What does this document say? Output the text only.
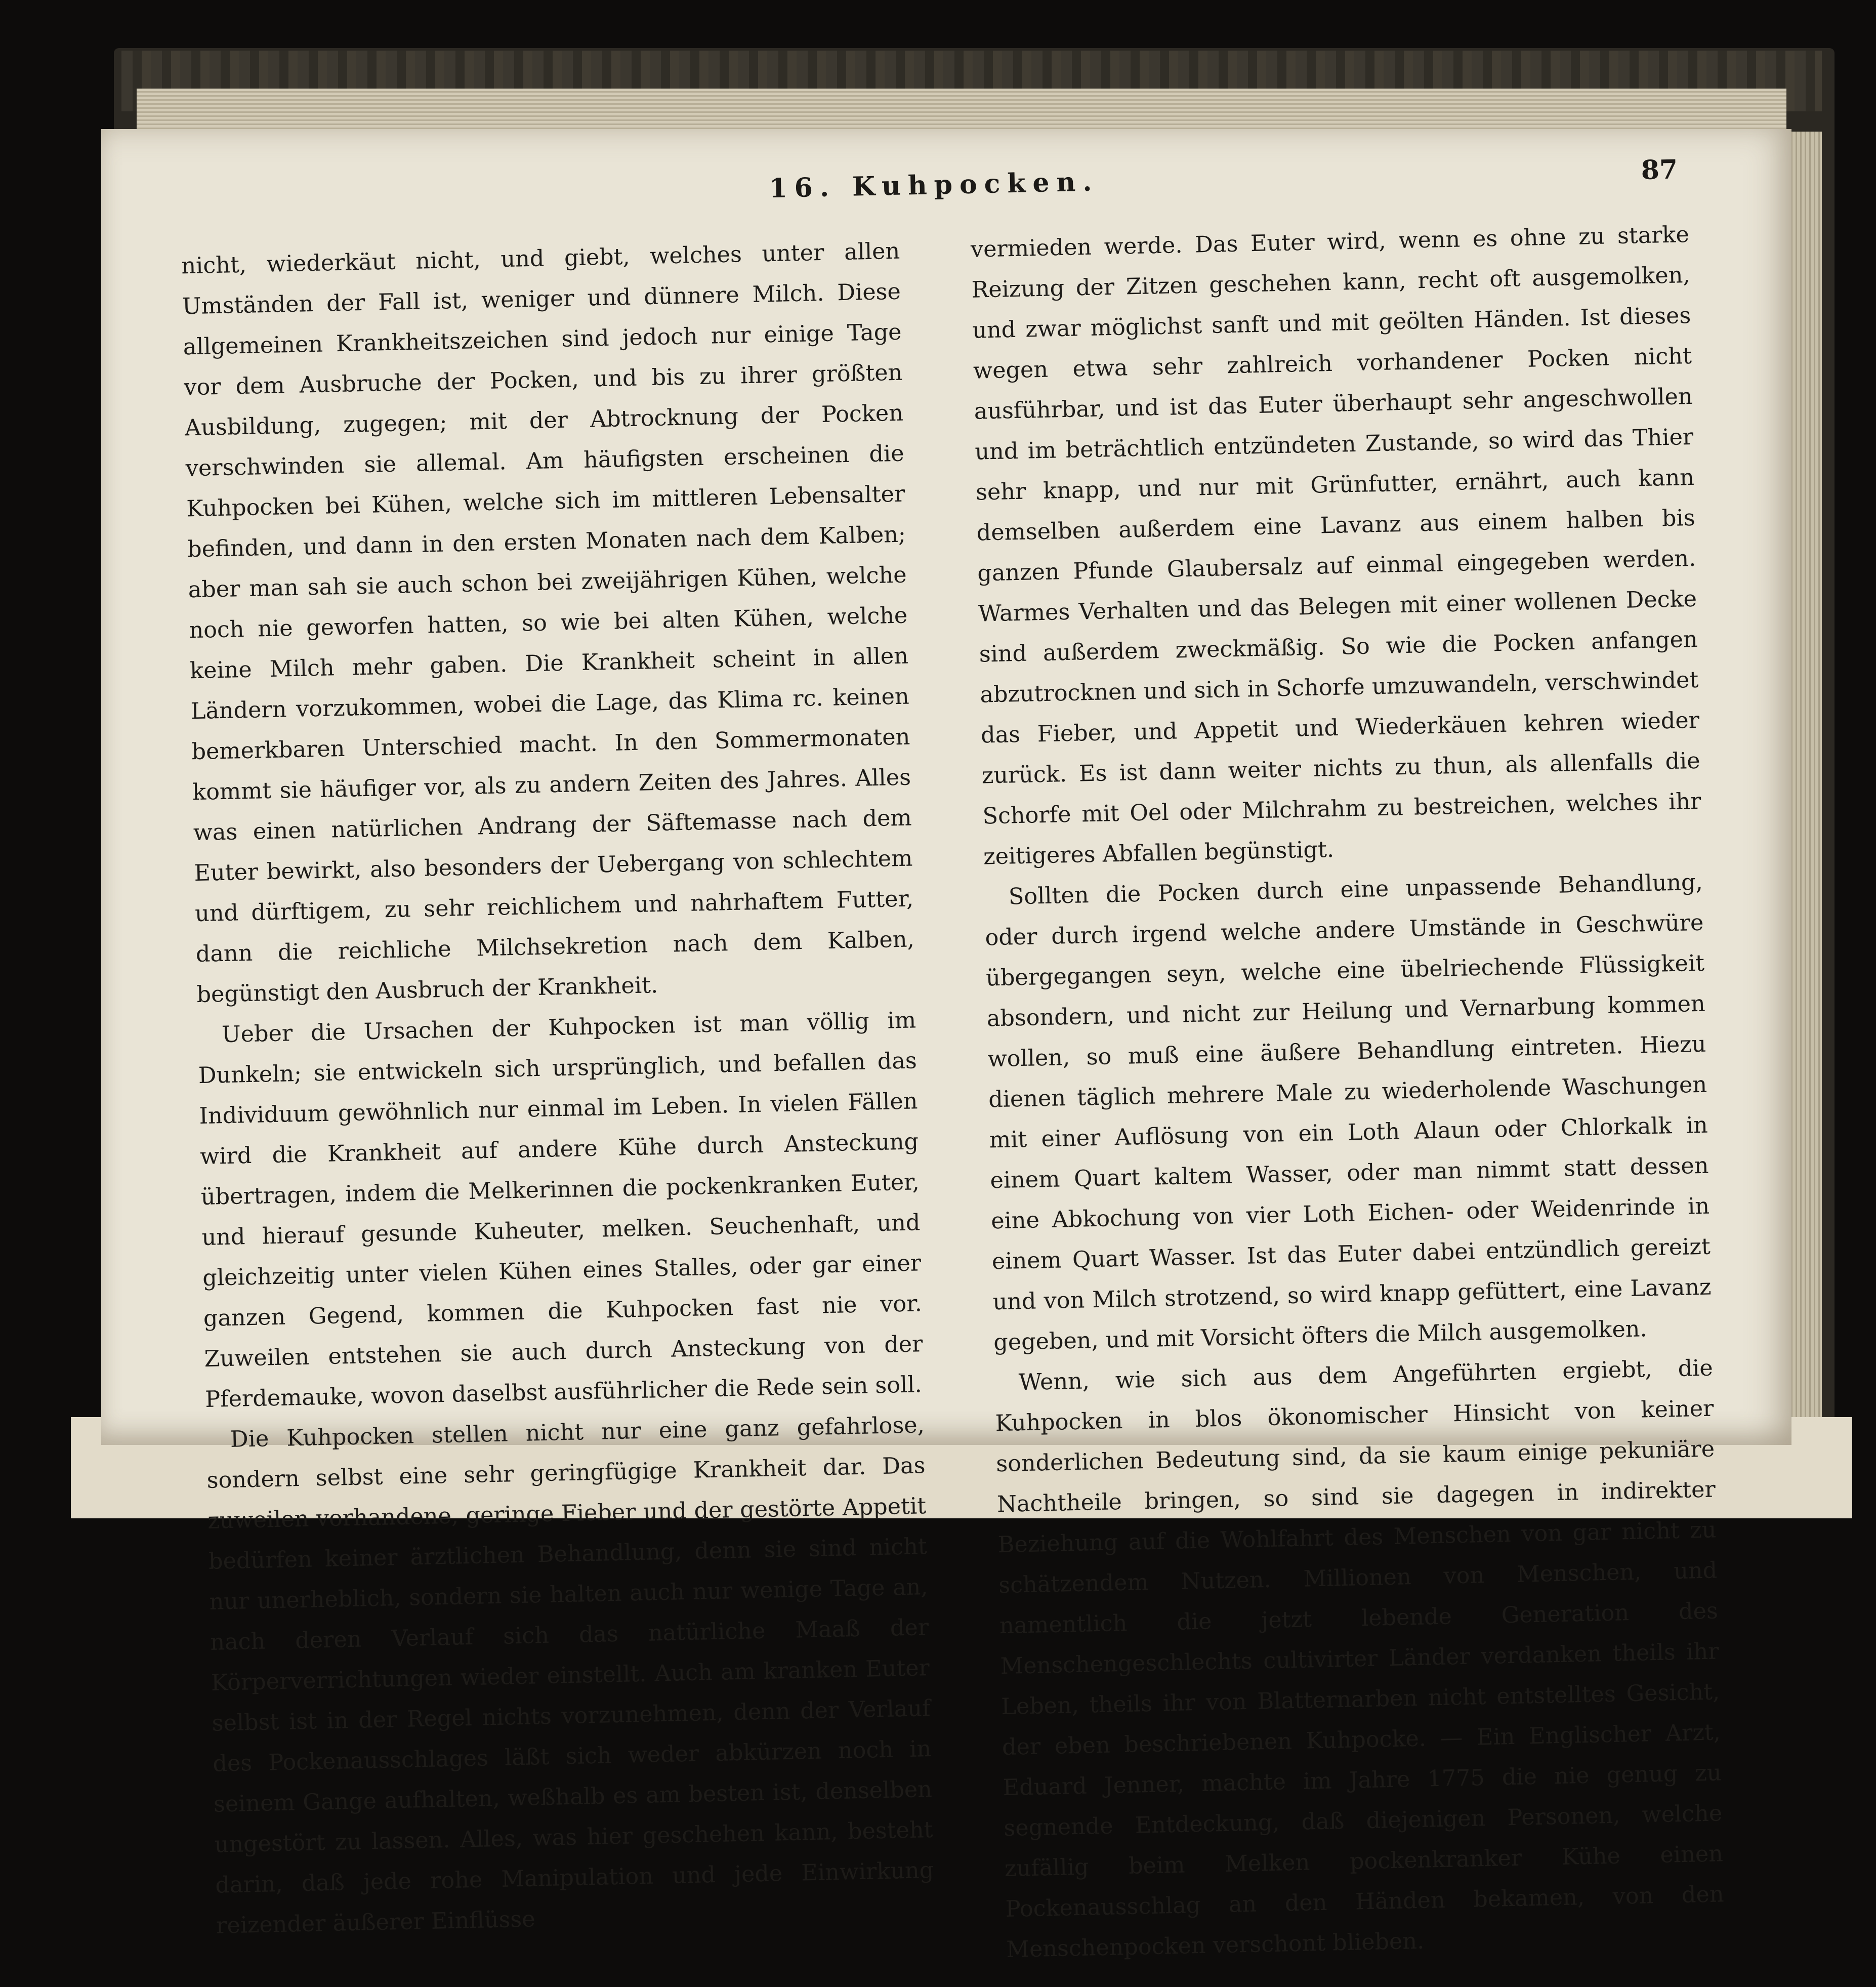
16. Kuhpocken.	87

nicht, wiederkäut nicht, und giebt, welches unter allen Umständen der Fall ist, weniger und dünnere Milch. Diese allgemeinen Krankheitszeichen sind jedoch nur einige Tage vor dem Ausbruche der Pocken, und bis zu ihrer größten Ausbildung, zugegen; mit der Abtrocknung der Pocken verschwinden sie allemal. Am häufigsten erscheinen die Kuhpocken bei Kühen, welche sich im mittleren Lebensalter befinden, und dann in den ersten Monaten nach dem Kalben; aber man sah sie auch schon bei zweijährigen Kühen, welche noch nie geworfen hatten, so wie bei alten Kühen, welche keine Milch mehr gaben. Die Krankheit scheint in allen Ländern vorzukommen, wobei die Lage, das Klima rc. keinen bemerkbaren Unterschied macht. In den Sommermonaten kommt sie häufiger vor, als zu andern Zeiten des Jahres. Alles was einen natürlichen Andrang der Säftemasse nach dem Euter bewirkt, also besonders der Uebergang von schlechtem und dürftigem, zu sehr reichlichem und nahrhaftem Futter, dann die reichliche Milchsekretion nach dem Kalben, begünstigt den Ausbruch der Krankheit.

Ueber die Ursachen der Kuhpocken ist man völlig im Dunkeln; sie entwickeln sich ursprünglich, und befallen das Individuum gewöhnlich nur einmal im Leben. In vielen Fällen wird die Krankheit auf andere Kühe durch Ansteckung übertragen, indem die Melkerinnen die pockenkranken Euter, und hierauf gesunde Kuheuter, melken. Seuchenhaft, und gleichzeitig unter vielen Kühen eines Stalles, oder gar einer ganzen Gegend, kommen die Kuhpocken fast nie vor. Zuweilen entstehen sie auch durch Ansteckung von der Pferdemauke, wovon daselbst ausführlicher die Rede sein soll.

Die Kuhpocken stellen nicht nur eine ganz gefahrlose, sondern selbst eine sehr geringfügige Krankheit dar. Das zuweilen vorhandene, geringe Fieber und der gestörte Appetit bedürfen keiner ärztlichen Behandlung, denn sie sind nicht nur unerheblich, sondern sie halten auch nur wenige Tage an, nach deren Verlauf sich das natürliche Maaß der Körperverrichtungen wieder einstellt. Auch am kranken Euter selbst ist in der Regel nichts vorzunehmen, denn der Verlauf des Pockenausschlages läßt sich weder abkürzen noch in seinem Gange aufhalten, weßhalb es am besten ist, denselben ungestört zu lassen. Alles, was hier geschehen kann, besteht darin, daß jede rohe Manipulation und jede Einwirkung reizender äußerer Einflüsse

vermieden werde. Das Euter wird, wenn es ohne zu starke Reizung der Zitzen geschehen kann, recht oft ausgemolken, und zwar möglichst sanft und mit geölten Händen. Ist dieses wegen etwa sehr zahlreich vorhandener Pocken nicht ausführbar, und ist das Euter überhaupt sehr angeschwollen und im beträchtlich entzündeten Zustande, so wird das Thier sehr knapp, und nur mit Grünfutter, ernährt, auch kann demselben außerdem eine Lavanz aus einem halben bis ganzen Pfunde Glaubersalz auf einmal eingegeben werden. Warmes Verhalten und das Belegen mit einer wollenen Decke sind außerdem zweckmäßig. So wie die Pocken anfangen abzutrocknen und sich in Schorfe umzuwandeln, verschwindet das Fieber, und Appetit und Wiederkäuen kehren wieder zurück. Es ist dann weiter nichts zu thun, als allenfalls die Schorfe mit Oel oder Milchrahm zu bestreichen, welches ihr zeitigeres Abfallen begünstigt.

Sollten die Pocken durch eine unpassende Behandlung, oder durch irgend welche andere Umstände in Geschwüre übergegangen seyn, welche eine übelriechende Flüssigkeit absondern, und nicht zur Heilung und Vernarbung kommen wollen, so muß eine äußere Behandlung eintreten. Hiezu dienen täglich mehrere Male zu wiederholende Waschungen mit einer Auflösung von ein Loth Alaun oder Chlorkalk in einem Quart kaltem Wasser, oder man nimmt statt dessen eine Abkochung von vier Loth Eichen- oder Weidenrinde in einem Quart Wasser. Ist das Euter dabei entzündlich gereizt und von Milch strotzend, so wird knapp gefüttert, eine Lavanz gegeben, und mit Vorsicht öfters die Milch ausgemolken.

Wenn, wie sich aus dem Angeführten ergiebt, die Kuhpocken in blos ökonomischer Hinsicht von keiner sonderlichen Bedeutung sind, da sie kaum einige pekuniäre Nachtheile bringen, so sind sie dagegen in indirekter Beziehung auf die Wohlfahrt des Menschen von gar nicht zu schätzendem Nutzen. Millionen von Menschen, und namentlich die jetzt lebende Generation des Menschengeschlechts cultivirter Länder verdanken theils ihr Leben, theils ihr von Blatternarben nicht entstelltes Gesicht, der eben beschriebenen Kuhpocke. — Ein Englischer Arzt, Eduard Jenner, machte im Jahre 1775 die nie genug zu segnende Entdeckung, daß diejenigen Personen, welche zufällig beim Melken pockenkranker Kühe einen Pockenausschlag an den Händen bekamen, von den Menschenpocken verschont blieben.
